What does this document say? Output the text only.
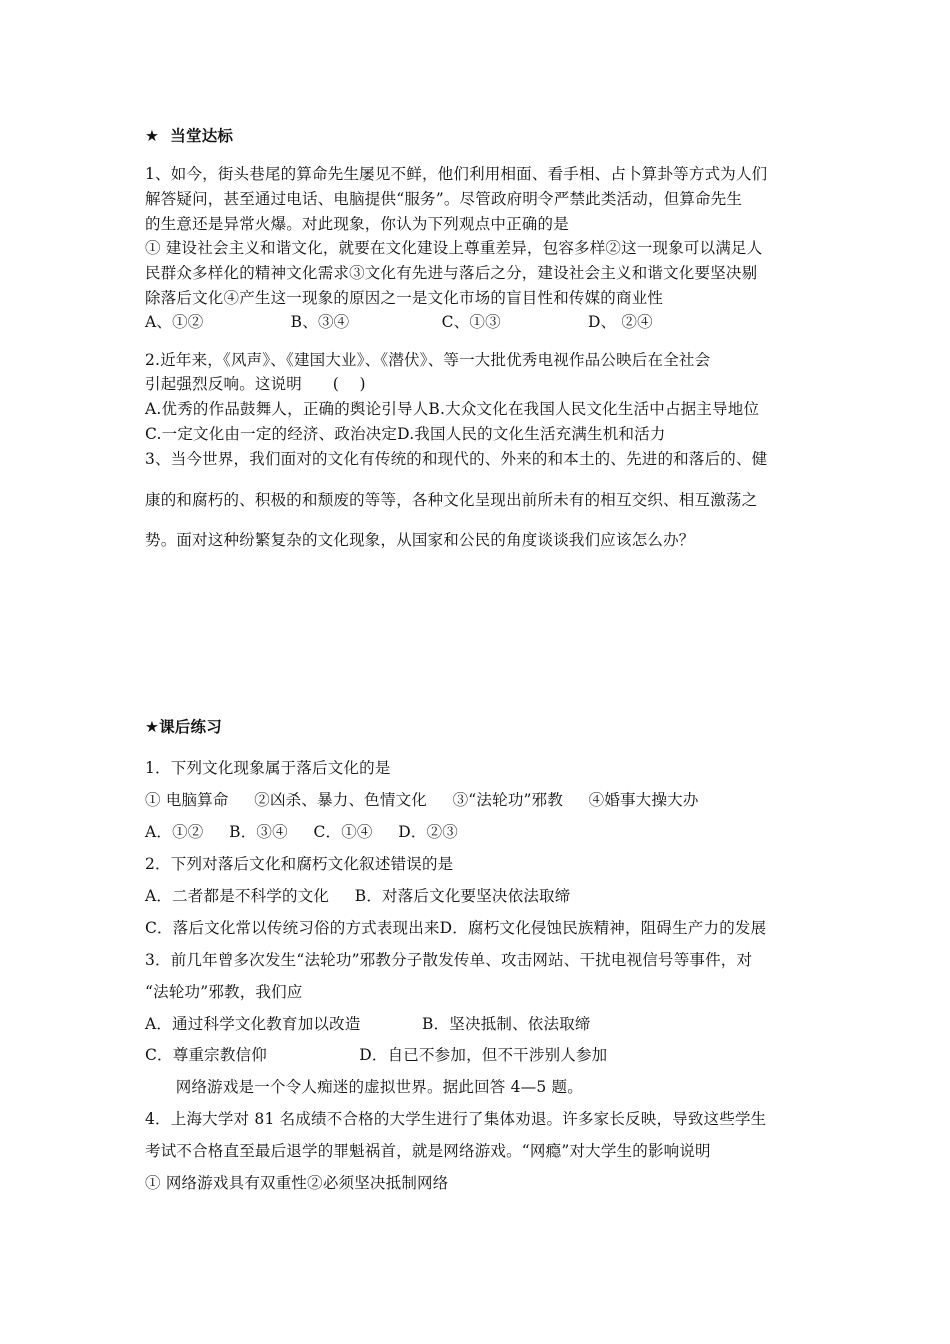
★  当堂达标
1、如今，街头巷尾的算命先生屡见不鲜，他们利用相面、看手相、占卜算卦等方式为人们
解答疑问，甚至通过电话、电脑提供“服务”。尽管政府明令严禁此类活动，但算命先生
的生意还是异常火爆。对此现象，你认为下列观点中正确的是
① 建设社会主义和谐文化，就要在文化建设上尊重差异，包容多样②这一现象可以满足人
民群众多样化的精神文化需求③文化有先进与落后之分，建设社会主义和谐文化要坚决剔
除落后文化④产生这一现象的原因之一是文化市场的盲目性和传媒的商业性
A、①②                 B、③④                  C、①③                 D、 ②④
2.近年来，《风声》、《建国大业》、《潜伏》、等一大批优秀电视作品公映后在全社会
引起强烈反响。这说明      (    )
A.优秀的作品鼓舞人，正确的舆论引导人B.大众文化在我国人民文化生活中占据主导地位
C.一定文化由一定的经济、政治决定D.我国人民的文化生活充满生机和活力
3、当今世界，我们面对的文化有传统的和现代的、外来的和本土的、先进的和落后的、健
康的和腐朽的、积极的和颓废的等等，各种文化呈现出前所未有的相互交织、相互激荡之
势。面对这种纷繁复杂的文化现象，从国家和公民的角度谈谈我们应该怎么办？
★课后练习
1．下列文化现象属于落后文化的是
① 电脑算命     ②凶杀、暴力、色情文化     ③“法轮功”邪教     ④婚事大操大办
A．①②     B．③④     C．①④     D．②③
2．下列对落后文化和腐朽文化叙述错误的是
A．二者都是不科学的文化     B．对落后文化要坚决依法取缔
C．落后文化常以传统习俗的方式表现出来D．腐朽文化侵蚀民族精神，阻碍生产力的发展
3．前几年曾多次发生“法轮功”邪教分子散发传单、攻击网站、干扰电视信号等事件，对
“法轮功”邪教，我们应
A．通过科学文化教育加以改造            B．坚决抵制、依法取缔
C．尊重宗教信仰                  D．自已不参加，但不干涉别人参加
网络游戏是一个令人痴迷的虚拟世界。据此回答 4—5 题。
4．上海大学对 81 名成绩不合格的大学生进行了集体劝退。许多家长反映，导致这些学生
考试不合格直至最后退学的罪魁祸首，就是网络游戏。“网瘾”对大学生的影响说明
① 网络游戏具有双重性②必须坚决抵制网络
